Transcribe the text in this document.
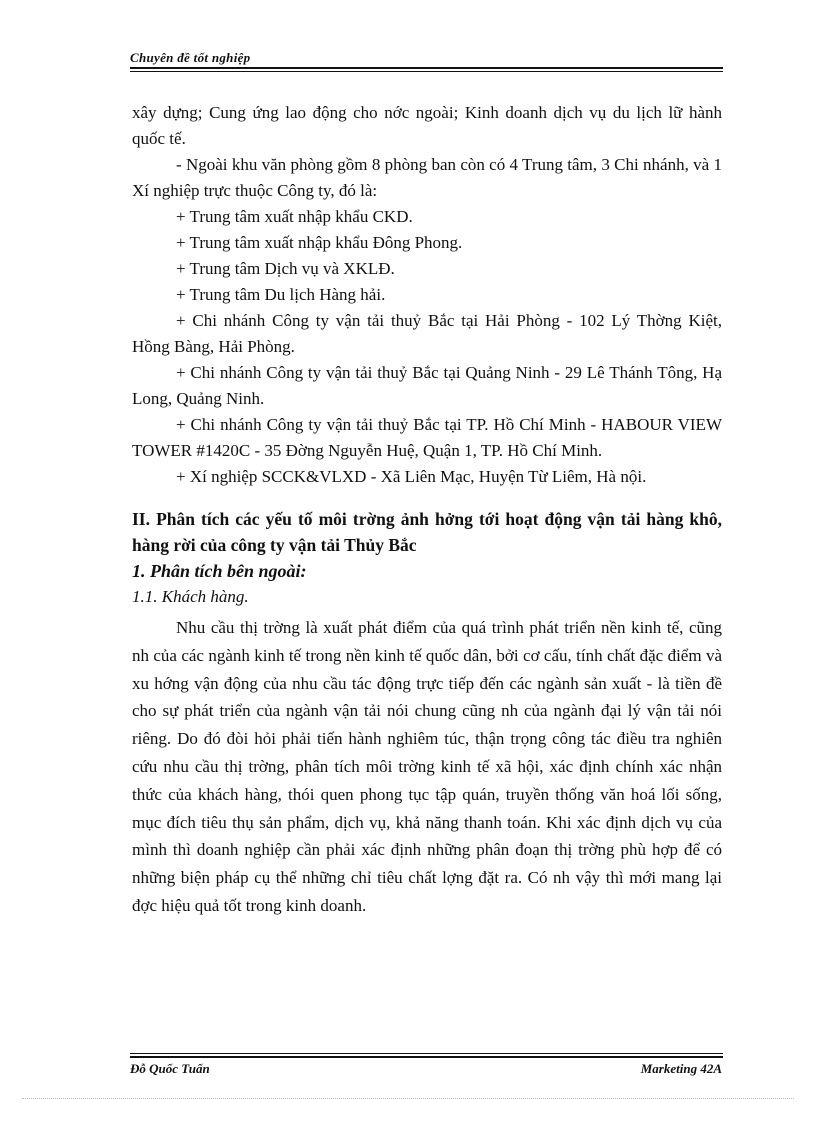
Chuyên đề tốt nghiệp

xây dựng; Cung ứng lao động cho nớc ngoài; Kinh doanh dịch vụ du lịch lữ hành quốc tế.

- Ngoài khu văn phòng gồm 8 phòng ban còn có 4 Trung tâm, 3 Chi nhánh, và 1 Xí nghiệp trực thuộc Công ty, đó là:

+ Trung tâm xuất nhập khẩu CKD.

+ Trung tâm xuất nhập khẩu Đông Phong.

+ Trung tâm Dịch vụ và XKLĐ.

+ Trung tâm Du lịch Hàng hải.

+ Chi nhánh Công ty vận tải thuỷ Bắc tại Hải Phòng - 102 Lý Thờng Kiệt, Hồng Bàng, Hải Phòng.

+ Chi nhánh Công ty vận tải thuỷ Bắc tại Quảng Ninh - 29 Lê Thánh Tông, Hạ Long, Quảng Ninh.

+ Chi nhánh Công ty vận tải thuỷ Bắc tại TP. Hồ Chí Minh - HABOUR VIEW TOWER #1420C - 35 Đờng Nguyễn Huệ, Quận 1, TP. Hồ Chí Minh.

+ Xí nghiệp SCCK&VLXD - Xã Liên Mạc, Huyện Từ Liêm, Hà nội.

II. Phân tích các yếu tố môi trờng ảnh hởng tới hoạt động vận tải hàng khô, hàng rời của công ty vận tải Thủy Bắc

1. Phân tích bên ngoài:

1.1. Khách hàng.

Nhu cầu thị trờng là xuất phát điểm của quá trình phát triển nền kinh tế, cũng nh của các ngành kinh tế trong nền kinh tế quốc dân, bởi cơ cấu, tính chất đặc điểm và xu hớng vận động của nhu cầu tác động trực tiếp đến các ngành sản xuất - là tiền đề cho sự phát triển của ngành vận tải nói chung cũng nh của ngành đại lý vận tải nói riêng. Do đó đòi hỏi phải tiến hành nghiêm túc, thận trọng công tác điều tra nghiên cứu nhu cầu thị trờng, phân tích môi trờng kinh tế xã hội, xác định chính xác nhận thức của khách hàng, thói quen phong tục tập quán, truyền thống văn hoá lối sống, mục đích tiêu thụ sản phẩm, dịch vụ, khả năng thanh toán. Khi xác định dịch vụ của mình thì doanh nghiệp cần phải xác định những phân đoạn thị trờng phù hợp để có những biện pháp cụ thể những chỉ tiêu chất lợng đặt ra. Có nh vậy thì mới mang lại đợc hiệu quả tốt trong kinh doanh.

Đỗ Quốc Tuấn	Marketing 42A
